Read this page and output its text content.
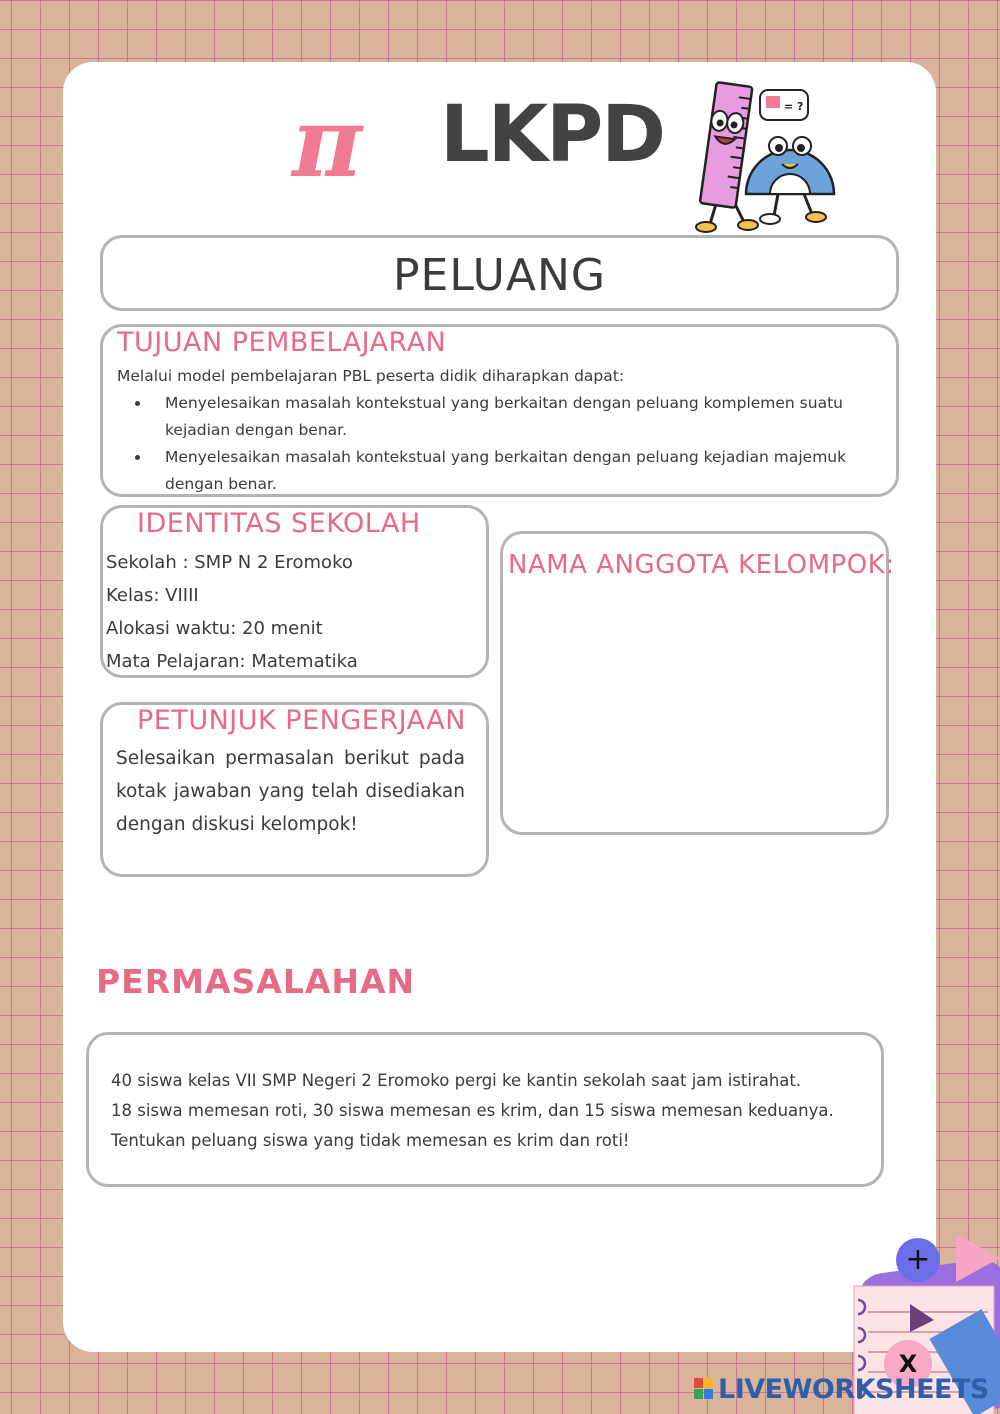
π LKPD	= ?
PELUANG
TUJUAN PEMBELAJARAN
Melalui model pembelajaran PBL peserta didik diharapkan dapat:
• Menyelesaikan masalah kontekstual yang berkaitan dengan peluang komplemen suatu kejadian dengan benar.
• Menyelesaikan masalah kontekstual yang berkaitan dengan peluang kejadian majemuk dengan benar.
IDENTITAS SEKOLAH
Sekolah : SMP N 2 Eromoko
Kelas: VIIII
Alokasi waktu: 20 menit
Mata Pelajaran: Matematika
NAMA ANGGOTA KELOMPOK:
PETUNJUK PENGERJAAN
Selesaikan permasalan berikut pada kotak jawaban yang telah disediakan dengan diskusi kelompok!
PERMASALAHAN
40 siswa kelas VII SMP Negeri 2 Eromoko pergi ke kantin sekolah saat jam istirahat.
18 siswa memesan roti, 30 siswa memesan es krim, dan 15 siswa memesan keduanya.
Tentukan peluang siswa yang tidak memesan es krim dan roti!
+
X
LIVEWORKSHEETS
